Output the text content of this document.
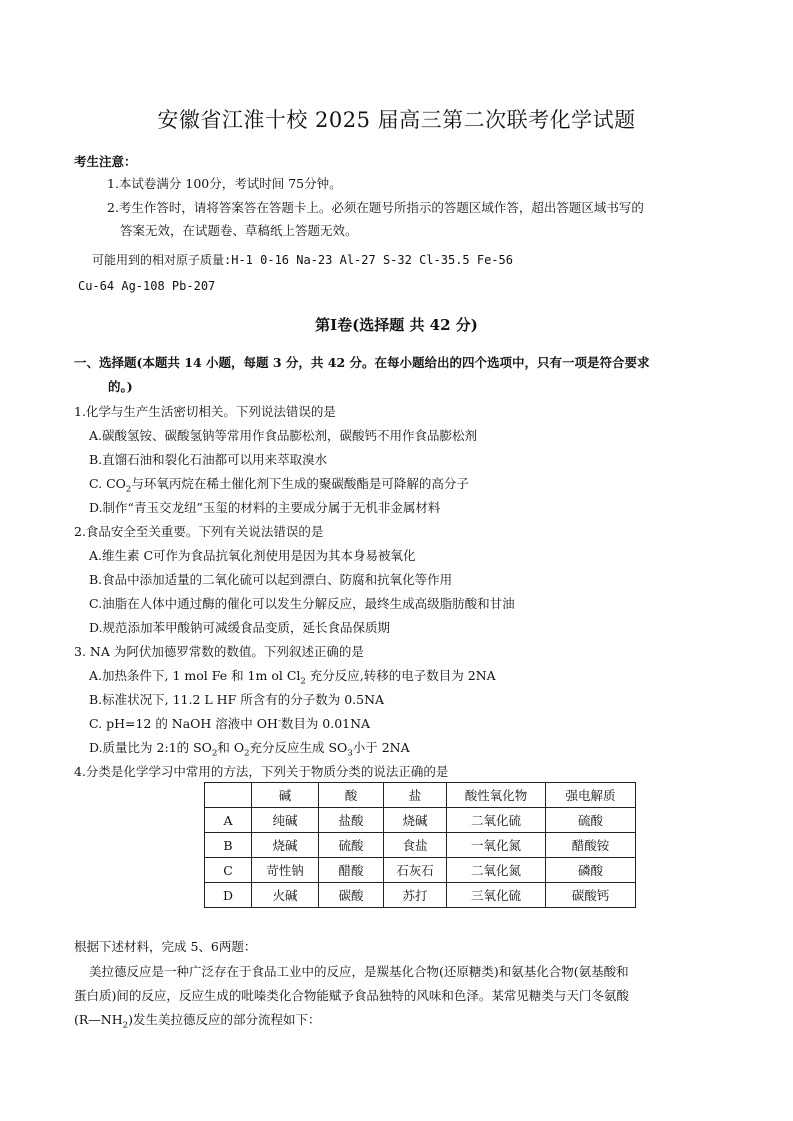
安徽省江淮十校 2025 届高三第二次联考化学试题
考生注意：
1.本试卷满分 100分，考试时间 75分钟。
2.考生作答时，请将答案答在答题卡上。必须在题号所指示的答题区域作答，超出答题区域书写的
答案无效，在试题卷、草稿纸上答题无效。
可能用到的相对原子质量:H-1 0-16 Na-23 Al-27 S-32 Cl-35.5 Fe-56
Cu-64 Ag-108 Pb-207
第Ⅰ卷(选择题 共 42 分)
一、选择题(本题共 14 小题，每题 3 分，共 42 分。在每小题给出的四个选项中，只有一项是符合要求
的。)
1.化学与生产生活密切相关。下列说法错误的是
A.碳酸氢铵、碳酸氢钠等常用作食品膨松剂，碳酸钙不用作食品膨松剂
B.直馏石油和裂化石油都可以用来萃取溴水
C. $CO_2$与环氧丙烷在稀土催化剂下生成的聚碳酸酯是可降解的高分子
D.制作“青玉交龙纽”玉玺的材料的主要成分属于无机非金属材料
2.食品安全至关重要。下列有关说法错误的是
A.维生素 C可作为食品抗氧化剂使用是因为其本身易被氧化
B.食品中添加适量的二氧化硫可以起到漂白、防腐和抗氧化等作用
C.油脂在人体中通过酶的催化可以发生分解反应，最终生成高级脂肪酸和甘油
D.规范添加苯甲酸钠可减缓食品变质，延长食品保质期
3. NA 为阿伏加德罗常数的数值。下列叙述正确的是
A.加热条件下, 1 mol Fe 和 1m ol $Cl_2$ 充分反应,转移的电子数目为 2NA
B.标准状况下, 11.2 L HF 所含有的分子数为 0.5NA
C. pH=12 的 NaOH 溶液中 OH-数目为 0.01NA
D.质量比为 2:1的 $SO_2$和 $O_2$充分反应生成 $SO_3$小于 2NA
4.分类是化学学习中常用的方法，下列关于物质分类的说法正确的是
	碱	酸	盐	酸性氧化物	强电解质
A	纯碱	盐酸	烧碱	二氧化硫	硫酸
B	烧碱	硫酸	食盐	一氧化氮	醋酸铵
C	苛性钠	醋酸	石灰石	二氧化氮	磷酸
D	火碱	碳酸	苏打	三氧化硫	碳酸钙
根据下述材料，完成 5、6两题：
美拉德反应是一种广泛存在于食品工业中的反应，是羰基化合物(还原糖类)和氨基化合物(氨基酸和
蛋白质)间的反应，反应生成的吡嗪类化合物能赋予食品独特的风味和色泽。某常见糖类与天门冬氨酸
$(R—NH_2)$发生美拉德反应的部分流程如下：
